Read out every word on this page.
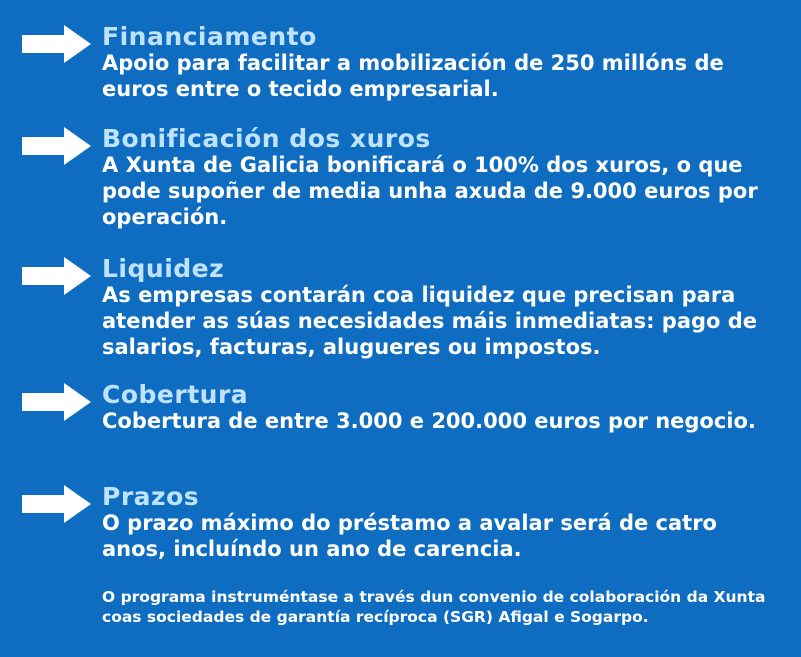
Financiamento

Apoio para facilitar a mobilización de 250 millóns de euros entre o tecido empresarial.

Bonificación dos xuros

A Xunta de Galicia bonificará o 100% dos xuros, o que pode supoñer de media unha axuda de 9.000 euros por operación.

Liquidez

As empresas contarán coa liquidez que precisan para atender as súas necesidades máis inmediatas: pago de salarios, facturas, alugueres ou impostos.

Cobertura

Cobertura de entre 3.000 e 200.000 euros por negocio.

Prazos

O prazo máximo do préstamo a avalar será de catro anos, incluíndo un ano de carencia.

O programa instruméntase a través dun convenio de colaboración da Xunta coas sociedades de garantía recíproca (SGR) Afigal e Sogarpo.
